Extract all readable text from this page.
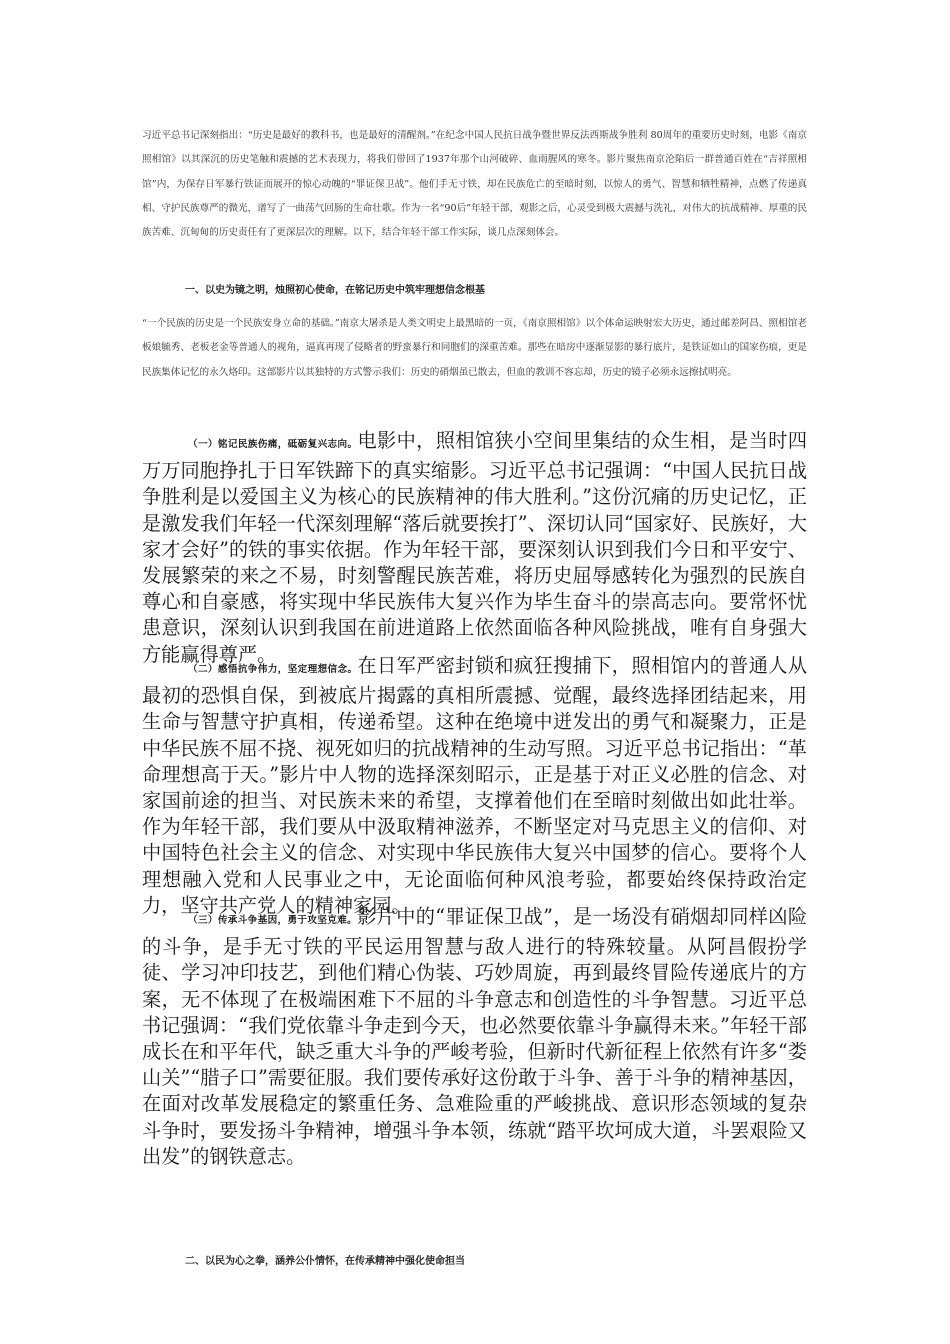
习近平总书记深刻指出：“历史是最好的教科书，也是最好的清醒剂。”在纪念中国人民抗日战争暨世界反法西斯战争胜利 80周年的重要历史时刻，电影《南京照相馆》以其深沉的历史笔触和震撼的艺术表现力，将我们带回了1937年那个山河破碎、血雨腥风的寒冬。影片聚焦南京沦陷后一群普通百姓在“吉祥照相馆”内，为保存日军暴行铁证而展开的惊心动魄的“罪证保卫战”。他们手无寸铁，却在民族危亡的至暗时刻，以惊人的勇气、智慧和牺牲精神，点燃了传递真相、守护民族尊严的微光，谱写了一曲荡气回肠的生命壮歌。作为一名“90后”年轻干部，观影之后，心灵受到极大震撼与洗礼，对伟大的抗战精神、厚重的民族苦难、沉甸甸的历史责任有了更深层次的理解。以下，结合年轻干部工作实际，谈几点深刻体会。

一、以史为镜之明，烛照初心使命，在铭记历史中筑牢理想信念根基

“一个民族的历史是一个民族安身立命的基础。”南京大屠杀是人类文明史上最黑暗的一页，《南京照相馆》以个体命运映射宏大历史，通过邮差阿昌、照相馆老板娘毓秀、老板老金等普通人的视角，逼真再现了侵略者的野蛮暴行和同胞们的深重苦难。那些在暗房中逐渐显影的暴行底片，是铁证如山的国家伤痕，更是民族集体记忆的永久烙印。这部影片以其独特的方式警示我们：历史的硝烟虽已散去，但血的教训不容忘却，历史的镜子必须永远擦拭明亮。

（一）铭记民族伤痛，砥砺复兴志向。电影中，照相馆狭小空间里集结的众生相，是当时四万万同胞挣扎于日军铁蹄下的真实缩影。习近平总书记强调：“中国人民抗日战争胜利是以爱国主义为核心的民族精神的伟大胜利。”这份沉痛的历史记忆，正是激发我们年轻一代深刻理解“落后就要挨打”、深切认同“国家好、民族好，大家才会好”的铁的事实依据。作为年轻干部，要深刻认识到我们今日和平安宁、发展繁荣的来之不易，时刻警醒民族苦难，将历史屈辱感转化为强烈的民族自尊心和自豪感，将实现中华民族伟大复兴作为毕生奋斗的崇高志向。要常怀忧患意识，深刻认识到我国在前进道路上依然面临各种风险挑战，唯有自身强大方能赢得尊严。

（二）感悟抗争伟力，坚定理想信念。在日军严密封锁和疯狂搜捕下，照相馆内的普通人从最初的恐惧自保，到被底片揭露的真相所震撼、觉醒，最终选择团结起来，用生命与智慧守护真相，传递希望。这种在绝境中迸发出的勇气和凝聚力，正是中华民族不屈不挠、视死如归的抗战精神的生动写照。习近平总书记指出：“革命理想高于天。”影片中人物的选择深刻昭示，正是基于对正义必胜的信念、对家国前途的担当、对民族未来的希望，支撑着他们在至暗时刻做出如此壮举。作为年轻干部，我们要从中汲取精神滋养，不断坚定对马克思主义的信仰、对中国特色社会主义的信念、对实现中华民族伟大复兴中国梦的信心。要将个人理想融入党和人民事业之中，无论面临何种风浪考验，都要始终保持政治定力，坚守共产党人的精神家园。

（三）传承斗争基因，勇于攻坚克难。影片中的“罪证保卫战”，是一场没有硝烟却同样凶险的斗争，是手无寸铁的平民运用智慧与敌人进行的特殊较量。从阿昌假扮学徒、学习冲印技艺，到他们精心伪装、巧妙周旋，再到最终冒险传递底片的方案，无不体现了在极端困难下不屈的斗争意志和创造性的斗争智慧。习近平总书记强调：“我们党依靠斗争走到今天，也必然要依靠斗争赢得未来。”年轻干部成长在和平年代，缺乏重大斗争的严峻考验，但新时代新征程上依然有许多“娄山关”“腊子口”需要征服。我们要传承好这份敢于斗争、善于斗争的精神基因，在面对改革发展稳定的繁重任务、急难险重的严峻挑战、意识形态领域的复杂斗争时，要发扬斗争精神，增强斗争本领，练就“踏平坎坷成大道，斗罢艰险又出发”的钢铁意志。

二、以民为心之拳，涵养公仆情怀，在传承精神中强化使命担当
